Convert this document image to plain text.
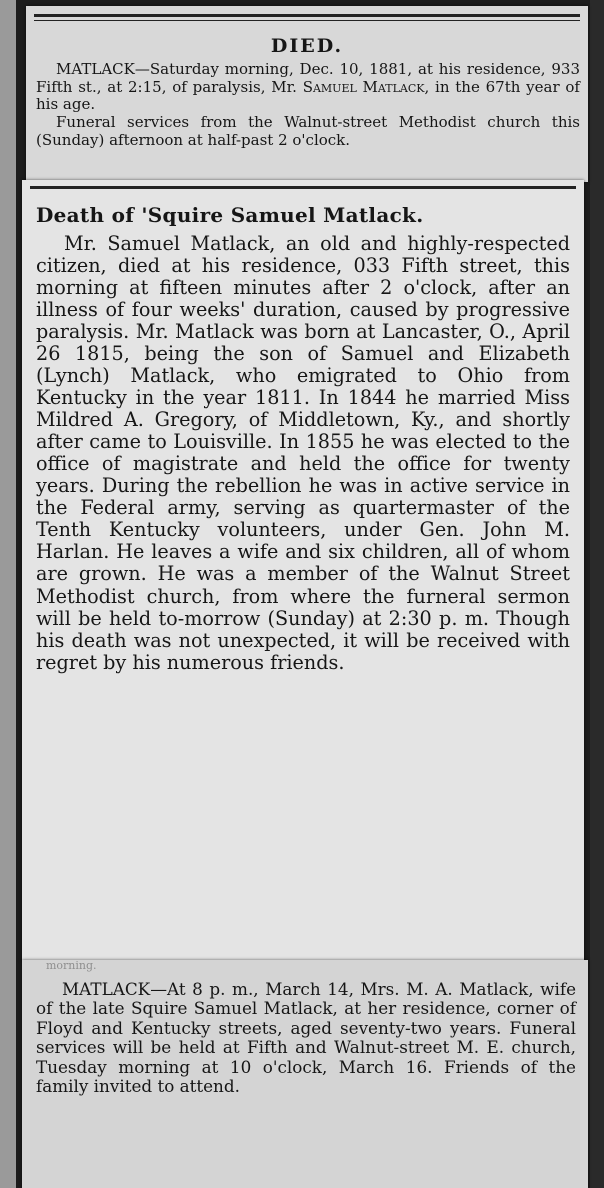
DIED.

MATLACK—Saturday morning, Dec. 10, 1881, at his residence, 933 Fifth st., at 2:15, of paralysis, Mr. Samuel Matlack, in the 67th year of his age.

Funeral services from the Walnut-street Methodist church this (Sunday) afternoon at half-past 2 o'clock.

Death of 'Squire Samuel Matlack.

Mr. Samuel Matlack, an old and highly-respected citizen, died at his residence, 033 Fifth street, this morning at fifteen minutes after 2 o'clock, after an illness of four weeks' duration, caused by progressive paralysis. Mr. Matlack was born at Lancaster, O., April 26 1815, being the son of Samuel and Elizabeth (Lynch) Matlack, who emigrated to Ohio from Kentucky in the year 1811. In 1844 he married Miss Mildred A. Gregory, of Middletown, Ky., and shortly after came to Louisville. In 1855 he was elected to the office of magistrate and held the office for twenty years. During the rebellion he was in active service in the Federal army, serving as quartermaster of the Tenth Kentucky volunteers, under Gen. John M. Harlan. He leaves a wife and six children, all of whom are grown. He was a member of the Walnut Street Methodist church, from where the furneral sermon will be held to-morrow (Sunday) at 2:30 p. m. Though his death was not unexpected, it will be received with regret by his numerous friends.

morning.

MATLACK—At 8 p. m., March 14, Mrs. M. A. Matlack, wife of the late Squire Samuel Matlack, at her residence, corner of Floyd and Kentucky streets, aged seventy-two years. Funeral services will be held at Fifth and Walnut-street M. E. church, Tuesday morning at 10 o'clock, March 16. Friends of the family invited to attend.
